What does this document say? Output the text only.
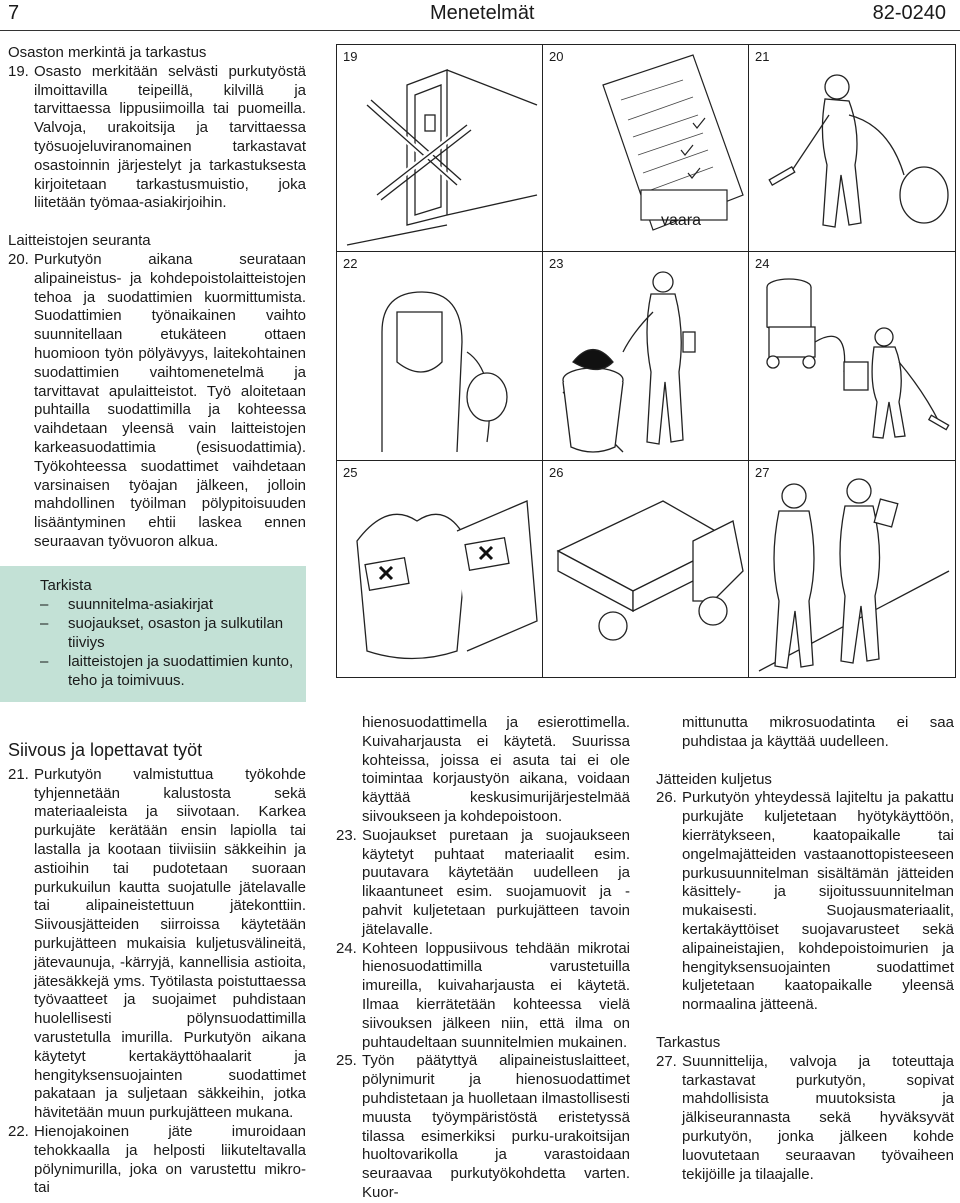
7	Menetelmät	82-0240

Osaston merkintä ja tarkastus

19. Osasto merkitään selvästi purkutyöstä ilmoittavilla teipeillä, kilvillä ja tarvittaessa lippusiimoilla tai puomeilla. Valvoja, urakoitsija ja tarvittaessa työsuojeluviranomainen tarkastavat osastoinnin järjestelyt ja tarkastuksesta kirjoitetaan tarkastusmuistio, joka liitetään työmaa-asiakirjoihin.

Laitteistojen seuranta

20. Purkutyön aikana seurataan alipaineistus- ja kohdepoistolaitteistojen tehoa ja suodattimien kuormittumista. Suodattimien työnaikainen vaihto suunnitellaan etukäteen ottaen huomioon työn pölyävyys, laitekohtainen suodattimien vaihtomenetelmä ja tarvittavat apulaitteistot. Työ aloitetaan puhtailla suodattimilla ja kohteessa vaihdetaan yleensä vain laitteistojen karkeasuodattimia (esisuodattimia). Työkohteessa suodattimet vaihdetaan varsinaisen työajan jälkeen, jolloin mahdollinen työilman pölypitoisuuden lisääntyminen ehtii laskea ennen seuraavan työvuoron alkua.
Tarkista
–	suunnitelma-asiakirjat
–	suojaukset, osaston ja sulkutilan tiiviys
–	laitteistojen ja suodattimien kunto, teho ja toimivuus.
19	20
vaara
21
22	23	24
25	26	27

Siivous ja lopettavat työt

21. Purkutyön valmistuttua työkohde tyhjennetään kalustosta sekä materiaaleista ja siivotaan. Karkea purkujäte kerätään ensin lapiolla tai lastalla ja kootaan tiiviisiin säkkeihin ja astioihin tai pudotetaan suoraan purkukuilun kautta suojatulle jätelavalle tai alipaineistettuun jätekonttiin. Siivousjätteiden siirroissa käytetään purkujätteen mukaisia kuljetusvälineitä, jätevaunuja, -kärryjä, kannellisia astioita, jätesäkkejä yms. Työtilasta poistuttaessa työvaatteet ja suojaimet puhdistaan huolellisesti pölynsuodattimilla varustetulla imurilla. Purkutyön aikana käytetyt kertakäyttöhaalarit ja hengityksensuojainten suodattimet pakataan ja suljetaan säkkeihin, jotka hävitetään muun purkujätteen mukana.
22. Hienojakoinen jäte imuroidaan tehokkaalla ja helposti liikuteltavalla pölynimurilla, joka on varustettu mikro- tai
hienosuodattimella ja esierottimella. Kuivaharjausta ei käytetä. Suurissa kohteissa, joissa ei asuta tai ei ole toimintaa korjaustyön aikana, voidaan käyttää keskusimurijärjestelmää siivoukseen ja kohdepoistoon.
23. Suojaukset puretaan ja suojaukseen käytetyt puhtaat materiaalit esim. puutavara käytetään uudelleen ja likaantuneet esim. suojamuovit ja -pahvit kuljetetaan purkujätteen tavoin jätelavalle.
24. Kohteen loppusiivous tehdään mikrotai hienosuodattimilla varustetuilla imureilla, kuivaharjausta ei käytetä. Ilmaa kierrätetään kohteessa vielä siivouksen jälkeen niin, että ilma on puhtaudeltaan suunnitelmien mukainen.
25. Työn päätyttyä alipaineistuslaitteet, pölynimurit ja hienosuodattimet puhdistetaan ja huolletaan ilmastollisesti muusta työympäristöstä eristetyssä tilassa esimerkiksi purku-urakoitsijan huoltovarikolla ja varastoidaan seuraavaa purkutyökohdetta varten. Kuor-
mittunutta mikrosuodatinta ei saa puhdistaa ja käyttää uudelleen.

Jätteiden kuljetus

26. Purkutyön yhteydessä lajiteltu ja pakattu purkujäte kuljetetaan hyötykäyttöön, kierrätykseen, kaatopaikalle tai ongelmajätteiden vastaanottopisteeseen purkusuunnitelman sisältämän jätteiden käsittely- ja sijoitussuunnitelman mukaisesti. Suojausmateriaalit, kertakäyttöiset suojavarusteet sekä alipaineistajien, kohdepoistoimurien ja hengityksensuojainten suodattimet kuljetetaan kaatopaikalle yleensä normaalina jätteenä.

Tarkastus

27. Suunnittelija, valvoja ja toteuttaja tarkastavat purkutyön, sopivat mahdollisista muutoksista ja jälkiseurannasta sekä hyväksyvät purkutyön, jonka jälkeen kohde luovutetaan seuraavan työvaiheen tekijöille ja tilaajalle.
